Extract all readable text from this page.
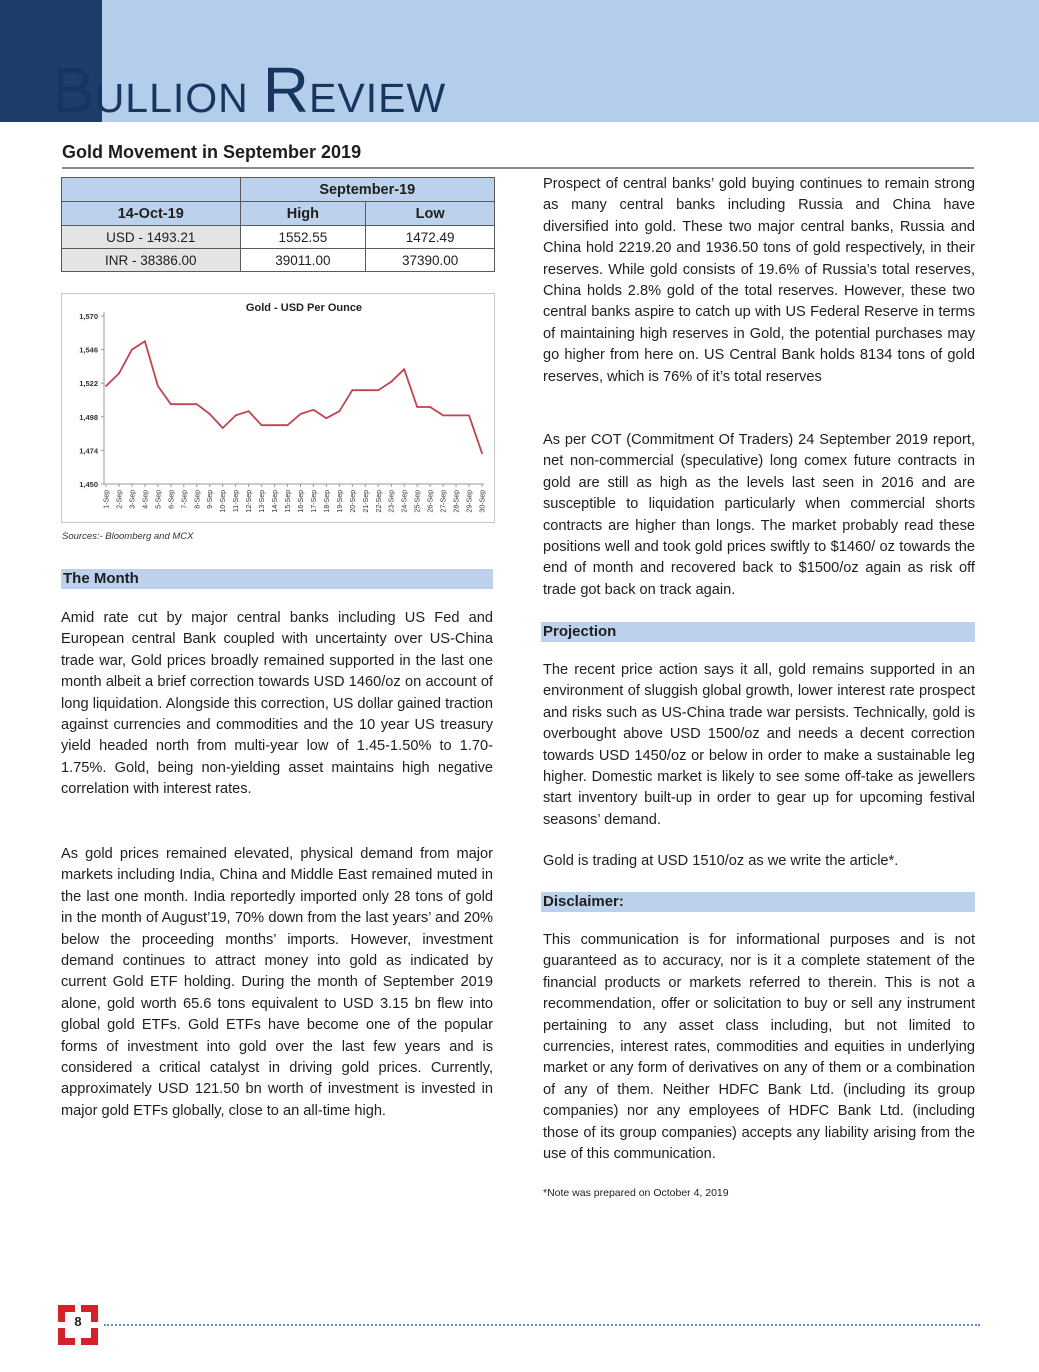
BULLION REVIEW
Gold Movement in September 2019
	September-19	
14-Oct-19	High	Low
USD - 1493.21	1552.55	1472.49
INR - 38386.00	39011.00	37390.00
Gold - USD Per Ounce
1,570
1,546
1,522
1,498
1,474
1,450
1-Sep 2-Sep 3-Sep 4-Sep 5-Sep 6-Sep 7-Sep 8-Sep 9-Sep 10-Sep 11-Sep 12-Sep 13-Sep 14-Sep 15-Sep 16-Sep 17-Sep 18-Sep 19-Sep 20-Sep 21-Sep 22-Sep 23-Sep 24-Sep 25-Sep 26-Sep 27-Sep 28-Sep 29-Sep 30-Sep
Sources:- Bloomberg and MCX
The Month

Amid rate cut by major central banks including US Fed and European central Bank coupled with uncertainty over US-China trade war, Gold prices broadly remained supported in the last one month albeit a brief correction towards USD 1460/oz on account of long liquidation. Alongside this correction, US dollar gained traction against currencies and commodities and the 10 year US treasury yield headed north from multi-year low of 1.45-1.50% to 1.70-1.75%. Gold, being non-yielding asset maintains high negative correlation with interest rates.

As gold prices remained elevated, physical demand from major markets including India, China and Middle East remained muted in the last one month. India reportedly imported only 28 tons of gold in the month of August’19, 70% down from the last years’ and 20% below the proceeding months’ imports. However, investment demand continues to attract money into gold as indicated by current Gold ETF holding. During the month of September 2019 alone, gold worth 65.6 tons equivalent to USD 3.15 bn flew into global gold ETFs. Gold ETFs have become one of the popular forms of investment into gold over the last few years and is considered a critical catalyst in driving gold prices. Currently, approximately USD 121.50 bn worth of investment is invested in major gold ETFs globally, close to an all-time high.

Prospect of central banks’ gold buying continues to remain strong as many central banks including Russia and China have diversified into gold. These two major central banks, Russia and China hold 2219.20 and 1936.50 tons of gold respectively, in their reserves. While gold consists of 19.6% of Russia’s total reserves, China holds 2.8% gold of the total reserves. However, these two central banks aspire to catch up with US Federal Reserve in terms of maintaining high reserves in Gold, the potential purchases may go higher from here on. US Central Bank holds 8134 tons of gold reserves, which is 76% of it’s total reserves

As per COT (Commitment Of Traders) 24 September 2019 report, net non-commercial (speculative) long comex future contracts in gold are still as high as the levels last seen in 2016 and are susceptible to liquidation particularly when commercial shorts contracts are higher than longs. The market probably read these positions well and took gold prices swiftly to $1460/ oz towards the end of month and recovered back to $1500/oz again as risk off trade got back on track again.

Projection

The recent price action says it all, gold remains supported in an environment of sluggish global growth, lower interest rate prospect and risks such as US-China trade war persists. Technically, gold is overbought above USD 1500/oz and needs a decent correction towards USD 1450/oz or below in order to make a sustainable leg higher. Domestic market is likely to see some off-take as jewellers start inventory built-up in order to gear up for upcoming festival seasons’ demand.

Gold is trading at USD 1510/oz as we write the article*.

Disclaimer:

This communication is for informational purposes and is not guaranteed as to accuracy, nor is it a complete statement of the financial products or markets referred to therein. This is not a recommendation, offer or solicitation to buy or sell any instrument pertaining to any asset class including, but not limited to currencies, interest rates, commodities and equities in underlying market or any form of derivatives on any of them or a combination of any of them. Neither HDFC Bank Ltd. (including its group companies) nor any employees of HDFC Bank Ltd. (including those of its group companies) accepts any liability arising from the use of this communication.

*Note was prepared on October 4, 2019
8
